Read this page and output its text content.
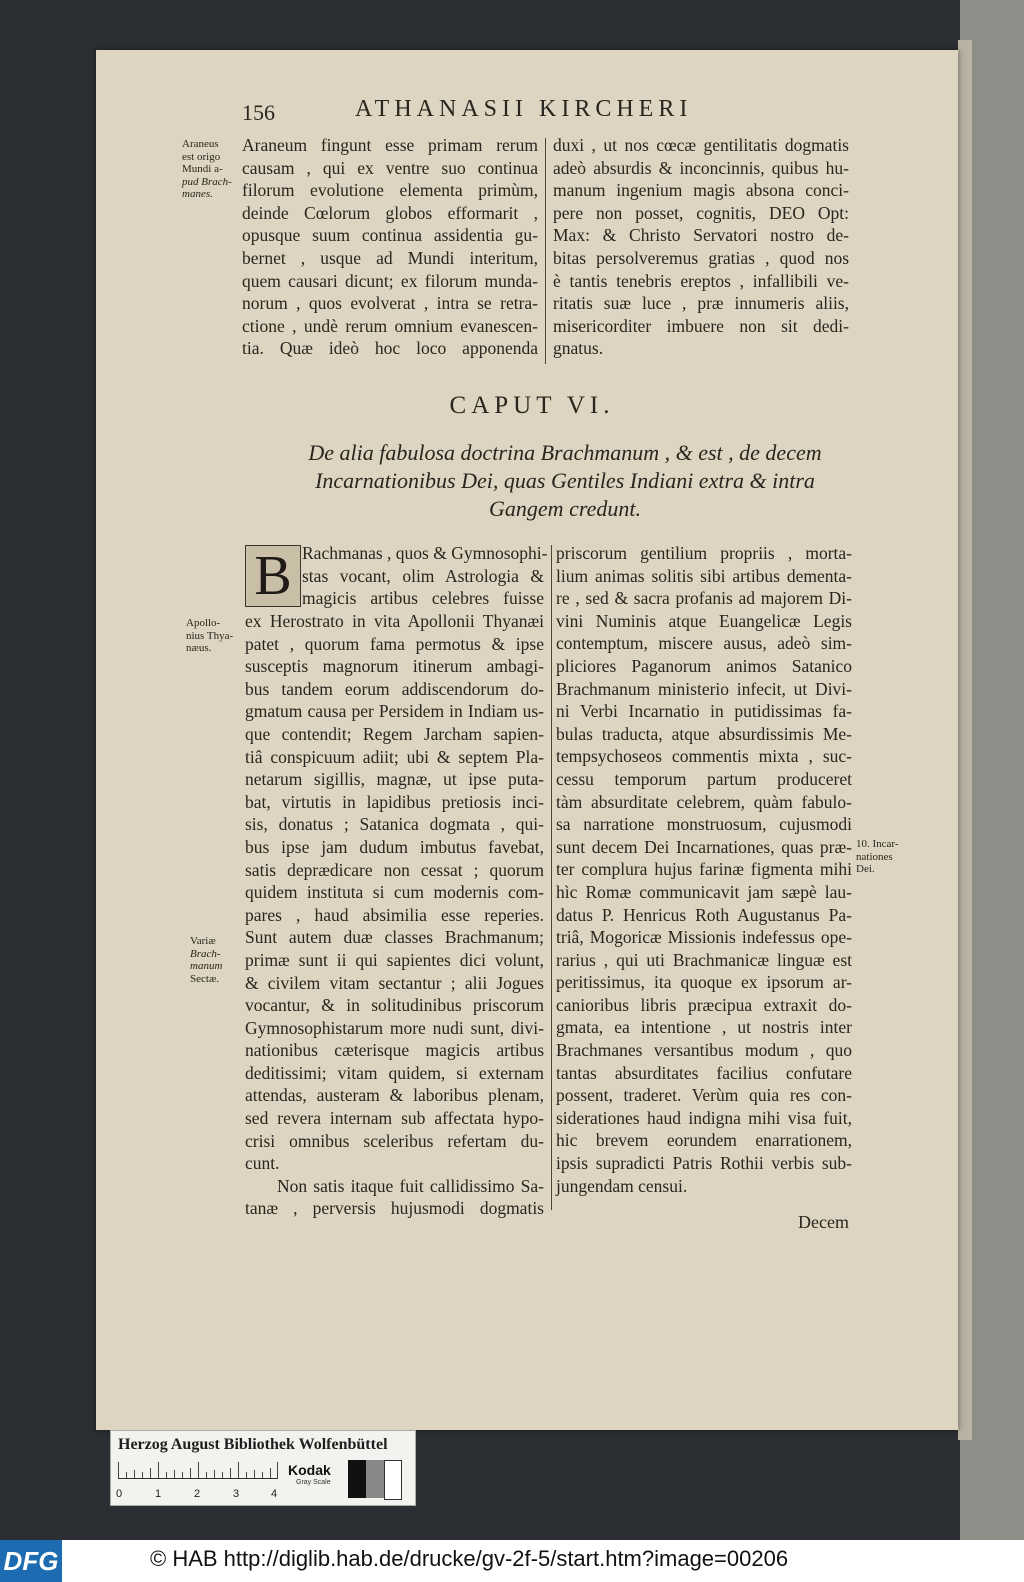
156	ATHANASII KIRCHERI
Araneus
est origo
Mundi a-
pud Brach-
manes.
Apollo-
nius Thya-
næus.
Variæ
Brach-
manum
Sectæ.
10. Incar-
nationes
Dei.
Araneum fingunt esse primam rerum
causam , qui ex ventre suo continua
filorum evolutione elementa primùm,
deinde Cœlorum globos efformarit ,
opusque suum continua assidentia gu-
bernet , usque ad Mundi interitum,
quem causari dicunt; ex filorum munda-
norum , quos evolverat , intra se retra-
ctione , undè rerum omnium evanescen-
tia. Quæ ideò hoc loco apponenda
duxi , ut nos cœcæ gentilitatis dogmatis
adeò absurdis & inconcinnis, quibus hu-
manum ingenium magis absona conci-
pere non posset, cognitis, DEO Opt:
Max: & Christo Servatori nostro de-
bitas persolveremus gratias , quod nos
è tantis tenebris ereptos , infallibili ve-
ritatis suæ luce , præ innumeris aliis,
misericorditer imbuere non sit dedi-
gnatus.
CAPUT VI.
De alia fabulosa doctrina Brachmanum , & est , de decem
Incarnationibus Dei, quas Gentiles Indiani extra & intra
Gangem credunt.
B Rachmanas , quos & Gymnosophi-
stas vocant, olim Astrologia &
magicis artibus celebres fuisse
ex Herostrato in vita Apollonii Thyanæi
patet , quorum fama permotus & ipse
susceptis magnorum itinerum ambagi-
bus tandem eorum addiscendorum do-
gmatum causa per Persidem in Indiam us-
que contendit; Regem Jarcham sapien-
tiâ conspicuum adiit; ubi & septem Pla-
netarum sigillis, magnæ, ut ipse puta-
bat, virtutis in lapidibus pretiosis inci-
sis, donatus ; Satanica dogmata , qui-
bus ipse jam dudum imbutus favebat,
satis deprædicare non cessat ; quorum
quidem instituta si cum modernis com-
pares , haud absimilia esse reperies.
Sunt autem duæ classes Brachmanum;
primæ sunt ii qui sapientes dici volunt,
& civilem vitam sectantur ; alii Jogues
vocantur, & in solitudinibus priscorum
Gymnosophistarum more nudi sunt, divi-
nationibus cæterisque magicis artibus
deditissimi; vitam quidem, si externam
attendas, austeram & laboribus plenam,
sed revera internam sub affectata hypo-
crisi omnibus sceleribus refertam du-
cunt.
Non satis itaque fuit callidissimo Sa-
tanæ , perversis hujusmodi dogmatis
priscorum gentilium propriis , morta-
lium animas solitis sibi artibus dementa-
re , sed & sacra profanis ad majorem Di-
vini Numinis atque Euangelicæ Legis
contemptum, miscere ausus, adeò sim-
pliciores Paganorum animos Satanico
Brachmanum ministerio infecit, ut Divi-
ni Verbi Incarnatio in putidissimas fa-
bulas traducta, atque absurdissimis Me-
tempsychoseos commentis mixta , suc-
cessu temporum partum produceret
tàm absurditate celebrem, quàm fabulo-
sa narratione monstruosum, cujusmodi
sunt decem Dei Incarnationes, quas præ-
ter complura hujus farinæ figmenta mihi
hìc Romæ communicavit jam sæpè lau-
datus P. Henricus Roth Augustanus Pa-
triâ, Mogoricæ Missionis indefessus ope-
rarius , qui uti Brachmanicæ linguæ est
peritissimus, ita quoque ex ipsorum ar-
canioribus libris præcipua extraxit do-
gmata, ea intentione , ut nostris inter
Brachmanes versantibus modum , quo
tantas absurditates facilius confutare
possent, traderet. Verùm quia res con-
siderationes haud indigna mihi visa fuit,
hic brevem eorundem enarrationem,
ipsis supradicti Patris Rothii verbis sub-
jungendam censui.
Decem
Herzog August Bibliothek Wolfenbüttel
0	1	2	3	4
Kodak
Gray Scale
DFG	© HAB http://diglib.hab.de/drucke/gv-2f-5/start.htm?image=00206
